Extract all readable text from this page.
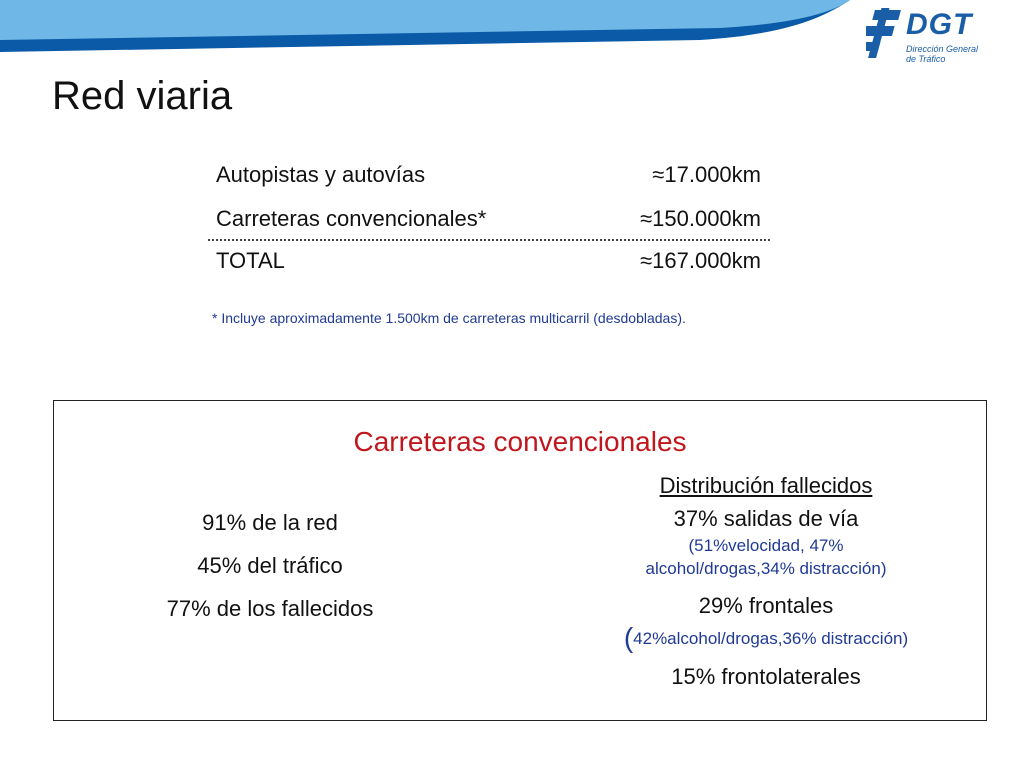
DGT
Dirección General
de Tráfico
Red viaria
Autopistas y autovías	≈17.000km
Carreteras convencionales*	≈150.000km
TOTAL	≈167.000km
* Incluye aproximadamente 1.500km de carreteras multicarril (desdobladas).
Carreteras convencionales
91% de la red
45% del tráfico
77% de los fallecidos
Distribución fallecidos
37% salidas de vía
(51%velocidad, 47%
alcohol/drogas,34% distracción)
29% frontales
(42%alcohol/drogas,36% distracción)
15% frontolaterales
